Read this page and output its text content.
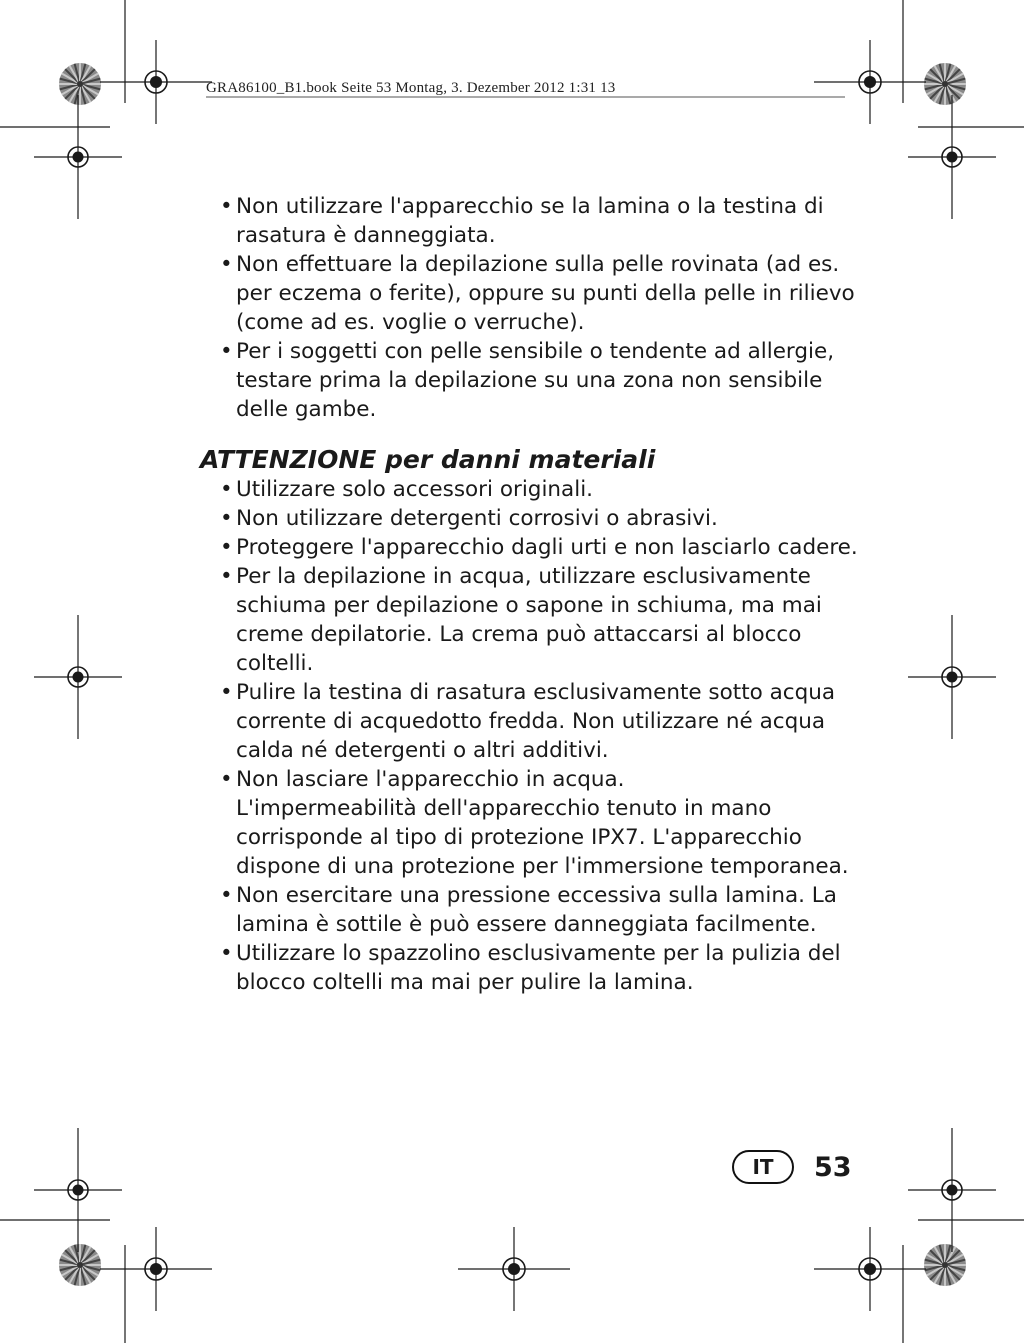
GRA86100_B1.book Seite 53 Montag, 3. Dezember 2012 1:31 13
• Non utilizzare l'apparecchio se la lamina o la testina di rasatura è danneggiata.
• Non effettuare la depilazione sulla pelle rovinata (ad es. per eczema o ferite), oppure su punti della pelle in rilievo (come ad es. voglie o verruche).
• Per i soggetti con pelle sensibile o tendente ad allergie, testare prima la depilazione su una zona non sensibile delle gambe.
ATTENZIONE per danni materiali
• Utilizzare solo accessori originali.
• Non utilizzare detergenti corrosivi o abrasivi.
• Proteggere l'apparecchio dagli urti e non lasciarlo cadere.
• Per la depilazione in acqua, utilizzare esclusivamente schiuma per depilazione o sapone in schiuma, ma mai creme depilatorie. La crema può attaccarsi al blocco coltelli.
• Pulire la testina di rasatura esclusivamente sotto acqua corrente di acquedotto fredda. Non utilizzare né acqua calda né detergenti o altri additivi.
• Non lasciare l'apparecchio in acqua.
L'impermeabilità dell'apparecchio tenuto in mano corrisponde al tipo di protezione IPX7. L'apparecchio dispone di una protezione per l'immersione temporanea.
• Non esercitare una pressione eccessiva sulla lamina. La lamina è sottile è può essere danneggiata facilmente.
• Utilizzare lo spazzolino esclusivamente per la pulizia del blocco coltelli ma mai per pulire la lamina.
IT	53
